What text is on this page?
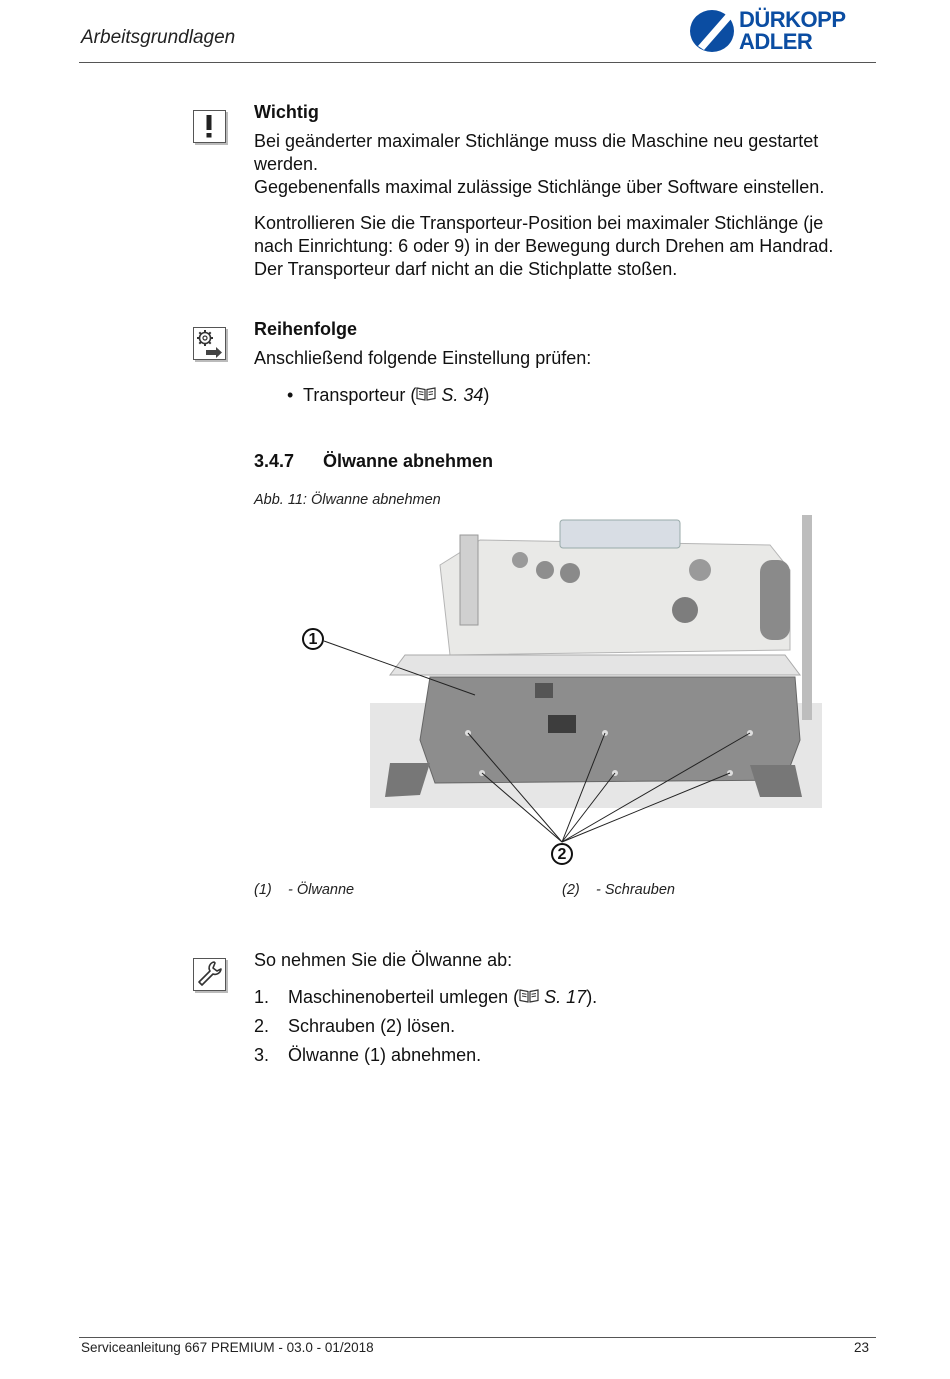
Arbeitsgrundlagen
DÜRKOPP
ADLER
Wichtig
Bei geänderter maximaler Stichlänge muss die Maschine neu gestartet
werden.
Gegebenenfalls maximal zulässige Stichlänge über Software einstellen.
Kontrollieren Sie die Transporteur-Position bei maximaler Stichlänge (je
nach Einrichtung: 6 oder 9) in der Bewegung durch Drehen am Handrad.
Der Transporteur darf nicht an die Stichplatte stoßen.
Reihenfolge
Anschließend folgende Einstellung prüfen:
• Transporteur ( S. 34)
3.4.7 Ölwanne abnehmen
Abb. 11: Ölwanne abnehmen
1
2
(1) - Ölwanne	(2) - Schrauben
So nehmen Sie die Ölwanne ab:
1. Maschinenoberteil umlegen ( S. 17).
2. Schrauben (2) lösen.
3. Ölwanne (1) abnehmen.
Serviceanleitung 667 PREMIUM - 03.0 - 01/2018	23
